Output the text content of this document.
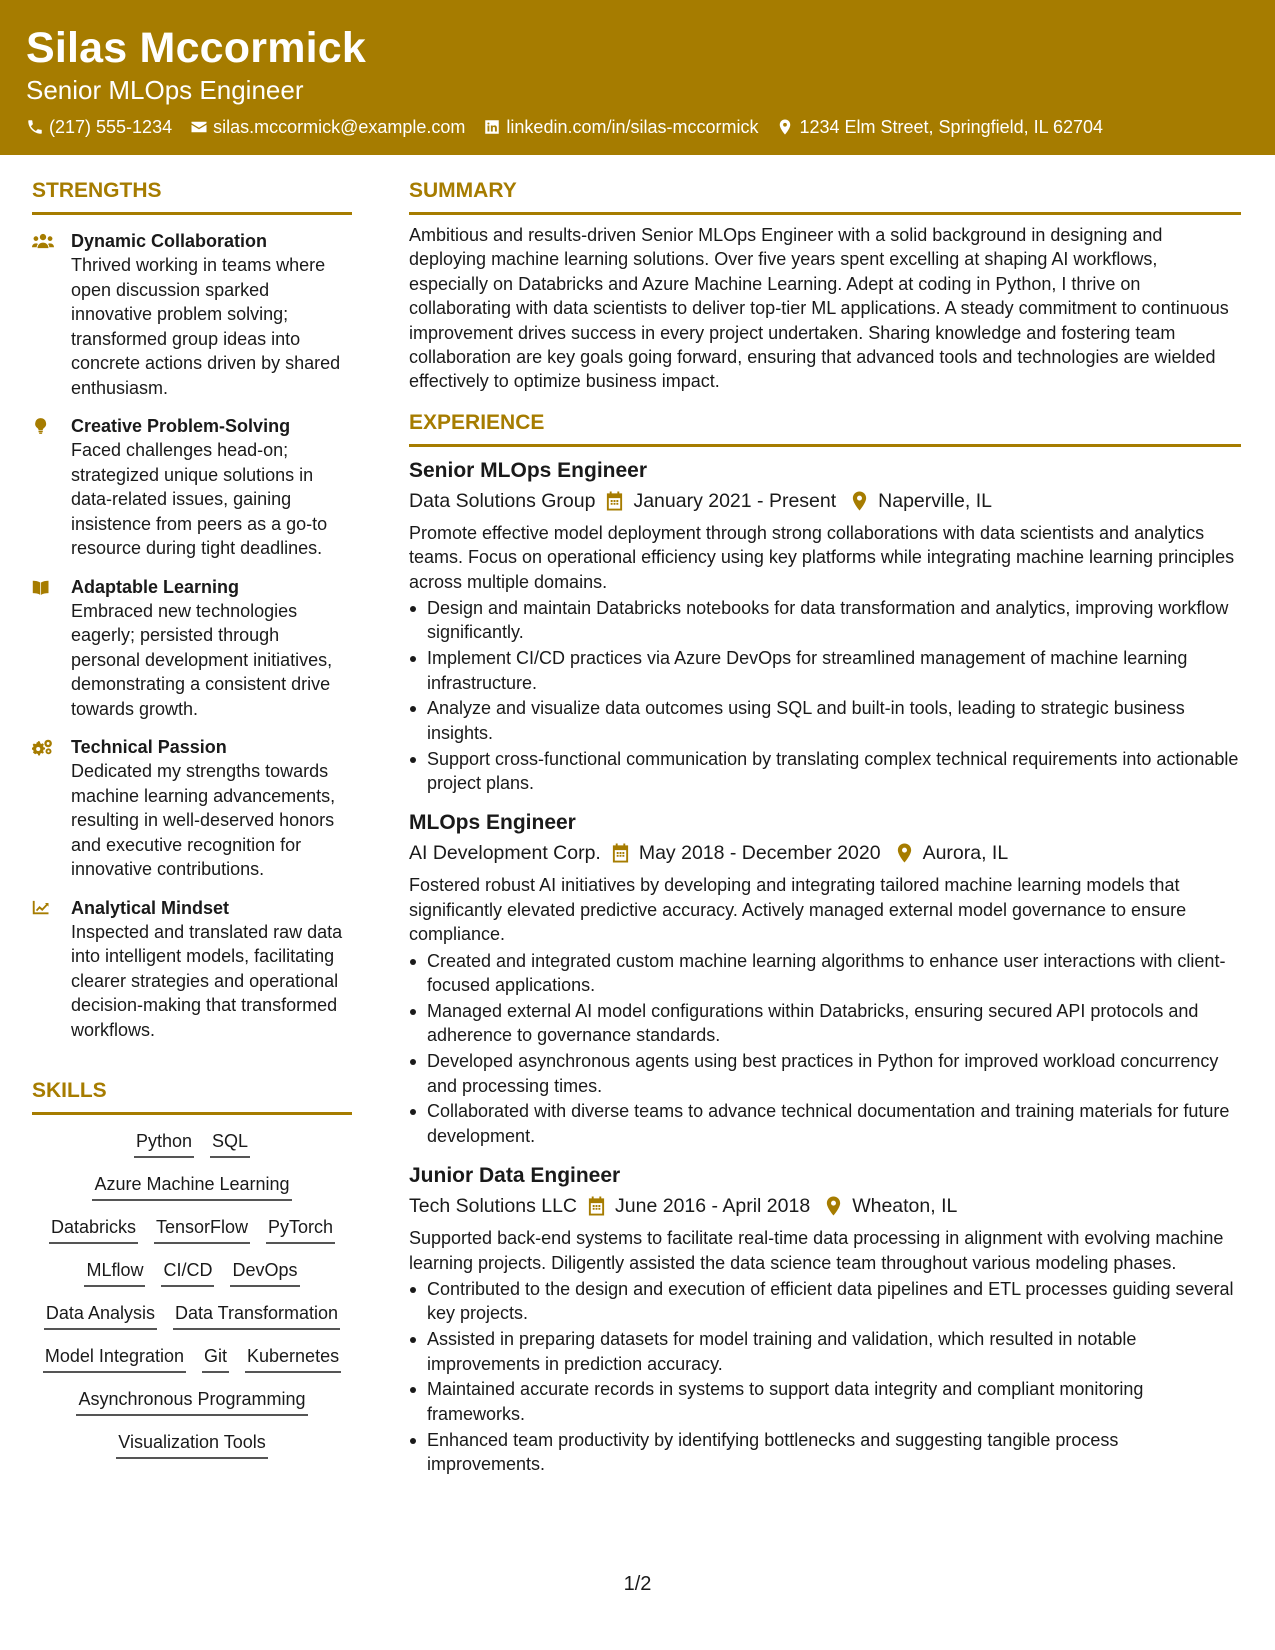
Silas Mccormick
Senior MLOps Engineer
(217) 555-1234 silas.mccormick@example.com linkedin.com/in/silas-mccormick 1234 Elm Street, Springfield, IL 62704
STRENGTHS
Dynamic Collaboration
Thrived working in teams where open discussion sparked innovative problem solving; transformed group ideas into concrete actions driven by shared enthusiasm.
Creative Problem-Solving
Faced challenges head-on; strategized unique solutions in data-related issues, gaining insistence from peers as a go-to resource during tight deadlines.
Adaptable Learning
Embraced new technologies eagerly; persisted through personal development initiatives, demonstrating a consistent drive towards growth.
Technical Passion
Dedicated my strengths towards machine learning advancements, resulting in well-deserved honors and executive recognition for innovative contributions.
Analytical Mindset
Inspected and translated raw data into intelligent models, facilitating clearer strategies and operational decision-making that transformed workflows.
SKILLS
Python SQL
Azure Machine Learning
Databricks TensorFlow PyTorch
MLflow CI/CD DevOps
Data Analysis Data Transformation
Model Integration Git Kubernetes
Asynchronous Programming
Visualization Tools
SUMMARY
Ambitious and results-driven Senior MLOps Engineer with a solid background in designing and deploying machine learning solutions. Over five years spent excelling at shaping AI workflows, especially on Databricks and Azure Machine Learning. Adept at coding in Python, I thrive on collaborating with data scientists to deliver top-tier ML applications. A steady commitment to continuous improvement drives success in every project undertaken. Sharing knowledge and fostering team collaboration are key goals going forward, ensuring that advanced tools and technologies are wielded effectively to optimize business impact.
EXPERIENCE
Senior MLOps Engineer
Data Solutions Group January 2021 - Present Naperville, IL
Promote effective model deployment through strong collaborations with data scientists and analytics teams. Focus on operational efficiency using key platforms while integrating machine learning principles across multiple domains.
Design and maintain Databricks notebooks for data transformation and analytics, improving workflow significantly.
Implement CI/CD practices via Azure DevOps for streamlined management of machine learning infrastructure.
Analyze and visualize data outcomes using SQL and built-in tools, leading to strategic business insights.
Support cross-functional communication by translating complex technical requirements into actionable project plans.
MLOps Engineer
AI Development Corp. May 2018 - December 2020 Aurora, IL
Fostered robust AI initiatives by developing and integrating tailored machine learning models that significantly elevated predictive accuracy. Actively managed external model governance to ensure compliance.
Created and integrated custom machine learning algorithms to enhance user interactions with client-focused applications.
Managed external AI model configurations within Databricks, ensuring secured API protocols and adherence to governance standards.
Developed asynchronous agents using best practices in Python for improved workload concurrency and processing times.
Collaborated with diverse teams to advance technical documentation and training materials for future development.
Junior Data Engineer
Tech Solutions LLC June 2016 - April 2018 Wheaton, IL
Supported back-end systems to facilitate real-time data processing in alignment with evolving machine learning projects. Diligently assisted the data science team throughout various modeling phases.
Contributed to the design and execution of efficient data pipelines and ETL processes guiding several key projects.
Assisted in preparing datasets for model training and validation, which resulted in notable improvements in prediction accuracy.
Maintained accurate records in systems to support data integrity and compliant monitoring frameworks.
Enhanced team productivity by identifying bottlenecks and suggesting tangible process improvements.
1/2
